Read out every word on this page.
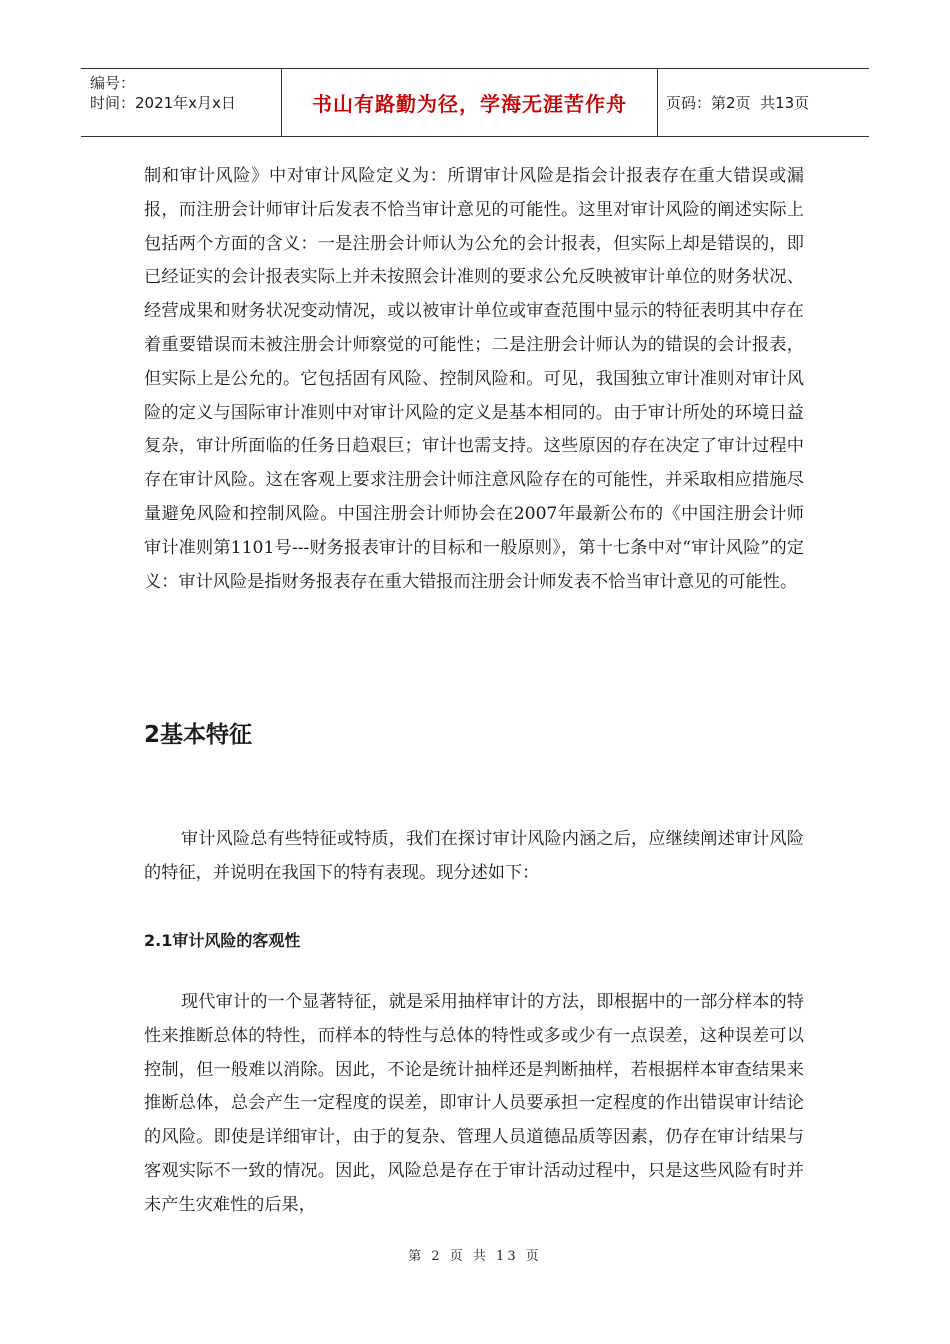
编号：
时间：2021年x月x日	书山有路勤为径，学海无涯苦作舟	页码：第2页  共13页

制和审计风险》中对审计风险定义为：所谓审计风险是指会计报表存在重大错误或漏报，而注册会计师审计后发表不恰当审计意见的可能性。这里对审计风险的阐述实际上包括两个方面的含义：一是注册会计师认为公允的会计报表，但实际上却是错误的，即已经证实的会计报表实际上并未按照会计准则的要求公允反映被审计单位的财务状况、经营成果和财务状况变动情况，或以被审计单位或审查范围中显示的特征表明其中存在着重要错误而未被注册会计师察觉的可能性；二是注册会计师认为的错误的会计报表，但实际上是公允的。它包括固有风险、控制风险和。可见，我国独立审计准则对审计风险的定义与国际审计准则中对审计风险的定义是基本相同的。由于审计所处的环境日益复杂，审计所面临的任务日趋艰巨；审计也需支持。这些原因的存在决定了审计过程中存在审计风险。这在客观上要求注册会计师注意风险存在的可能性，并采取相应措施尽量避免风险和控制风险。中国注册会计师协会在2007年最新公布的《中国注册会计师审计准则第1101号---财务报表审计的目标和一般原则》，第十七条中对“审计风险”的定义：审计风险是指财务报表存在重大错报而注册会计师发表不恰当审计意见的可能性。

2基本特征

审计风险总有些特征或特质，我们在探讨审计风险内涵之后，应继续阐述审计风险的特征，并说明在我国下的特有表现。现分述如下：

2.1审计风险的客观性

现代审计的一个显著特征，就是采用抽样审计的方法，即根据中的一部分样本的特性来推断总体的特性，而样本的特性与总体的特性或多或少有一点误差，这种误差可以控制，但一般难以消除。因此，不论是统计抽样还是判断抽样，若根据样本审查结果来推断总体，总会产生一定程度的误差，即审计人员要承担一定程度的作出错误审计结论的风险。即使是详细审计，由于的复杂、管理人员道德品质等因素，仍存在审计结果与客观实际不一致的情况。因此，风险总是存在于审计活动过程中，只是这些风险有时并未产生灾难性的后果，

第 2 页 共 13 页
